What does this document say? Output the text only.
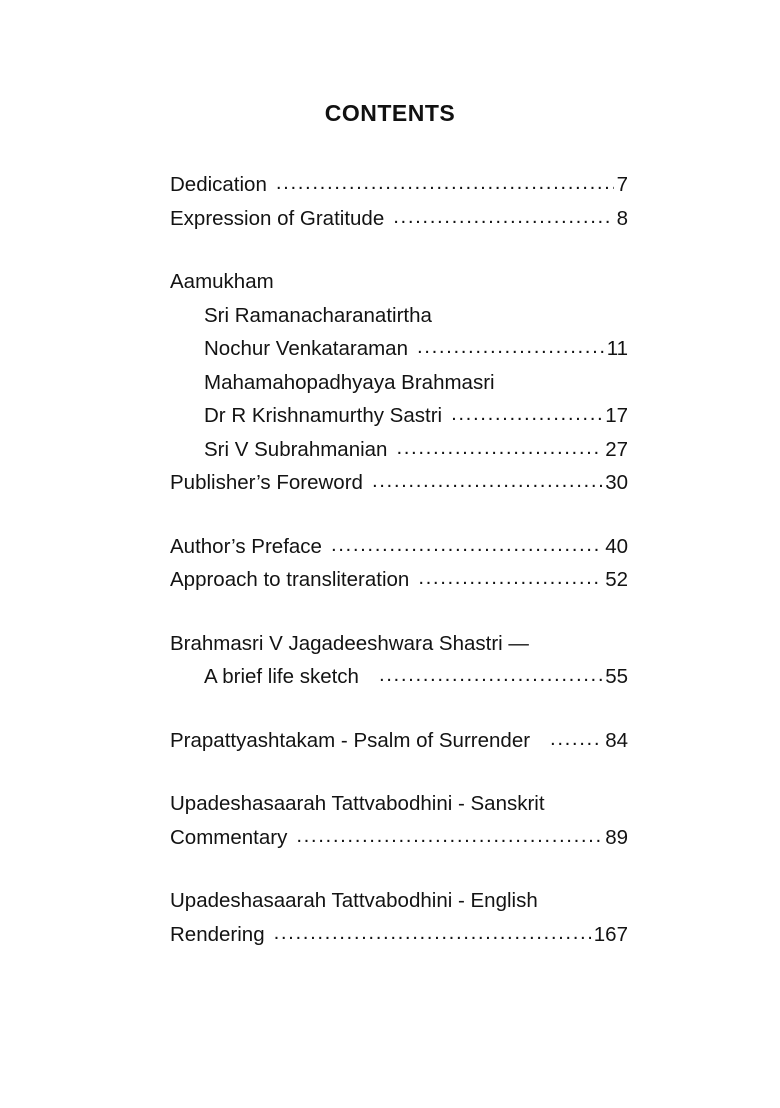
CONTENTS
Dedication .....	7
Expression of Gratitude .....	8
Aamukham
Sri Ramanacharanatirtha
Nochur Venkataraman .....	11
Mahamahopadhyaya Brahmasri
Dr R Krishnamurthy Sastri .....	17
Sri V Subrahmanian .....	27
Publisher’s Foreword .....	30
Author’s Preface .....	40
Approach to transliteration .....	52
Brahmasri V Jagadeeshwara Shastri —
A brief life sketch .....	55
Prapattyashtakam - Psalm of Surrender .....	84
Upadeshasaarah Tattvabodhini - Sanskrit
Commentary .....	89
Upadeshasaarah Tattvabodhini - English
Rendering .....	167
